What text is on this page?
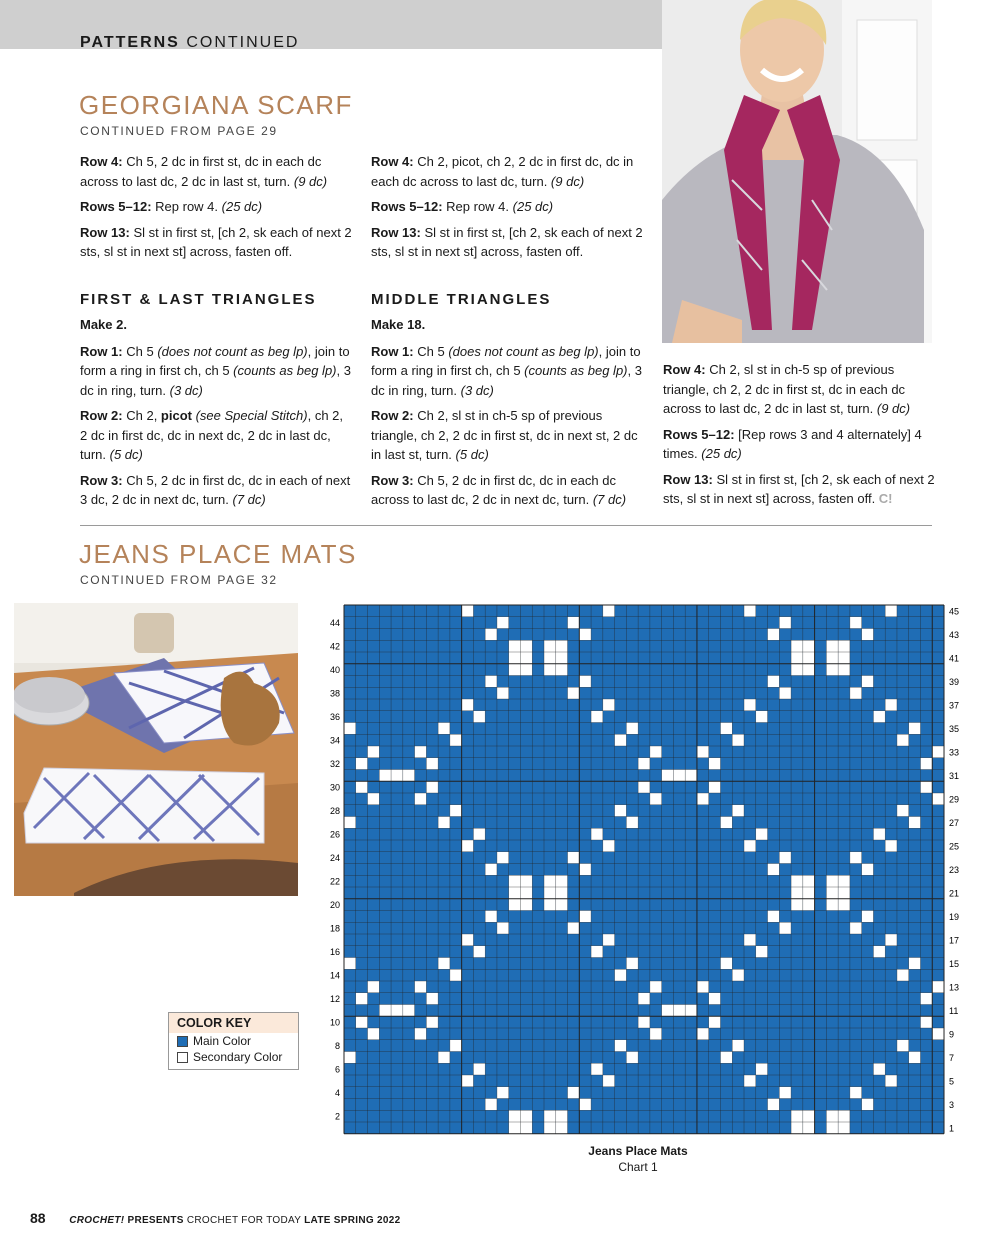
PATTERNS CONTINUED
GEORGIANA SCARF
CONTINUED FROM PAGE 29

Row 4: Ch 5, 2 dc in first st, dc in each dc across to last dc, 2 dc in last st, turn. (9 dc)

Rows 5–12: Rep row 4. (25 dc)

Row 13: Sl st in first st, [ch 2, sk each of next 2 sts, sl st in next st] across, fasten off.

FIRST & LAST TRIANGLES

Make 2.

Row 1: Ch 5 (does not count as beg lp), join to form a ring in first ch, ch 5 (counts as beg lp), 3 dc in ring, turn. (3 dc)

Row 2: Ch 2, picot (see Special Stitch), ch 2, 2 dc in first dc, dc in next dc, 2 dc in last dc, turn. (5 dc)

Row 3: Ch 5, 2 dc in first dc, dc in each of next 3 dc, 2 dc in next dc, turn. (7 dc)

Row 4: Ch 2, picot, ch 2, 2 dc in first dc, dc in each dc across to last dc, turn. (9 dc)

Rows 5–12: Rep row 4. (25 dc)

Row 13: Sl st in first st, [ch 2, sk each of next 2 sts, sl st in next st] across, fasten off.

MIDDLE TRIANGLES

Make 18.

Row 1: Ch 5 (does not count as beg lp), join to form a ring in first ch, ch 5 (counts as beg lp), 3 dc in ring, turn. (3 dc)

Row 2: Ch 2, sl st in ch-5 sp of previous triangle, ch 2, 2 dc in first st, dc in next st, 2 dc in last st, turn. (5 dc)

Row 3: Ch 5, 2 dc in first dc, dc in each dc across to last dc, 2 dc in next dc, turn. (7 dc)

Row 4: Ch 2, sl st in ch-5 sp of previous triangle, ch 2, 2 dc in first st, dc in each dc across to last dc, 2 dc in last st, turn. (9 dc)

Rows 5–12: [Rep rows 3 and 4 alternately] 4 times. (25 dc)

Row 13: Sl st in first st, [ch 2, sk each of next 2 sts, sl st in next st] across, fasten off. C!

JEANS PLACE MATS
CONTINUED FROM PAGE 32
COLOR KEY
Main Color
Secondary Color
2
4
6
8
10
12
14
16
18
20
22
24
26
28
30
32
34
36
38
40
42
44
1
3
5
7
9
11
13
15
17
19
21
23
25
27
29
31
33
35
37
39
41
43
45
Jeans Place Mats
Chart 1
88 CROCHET! PRESENTS CROCHET FOR TODAY LATE SPRING 2022
